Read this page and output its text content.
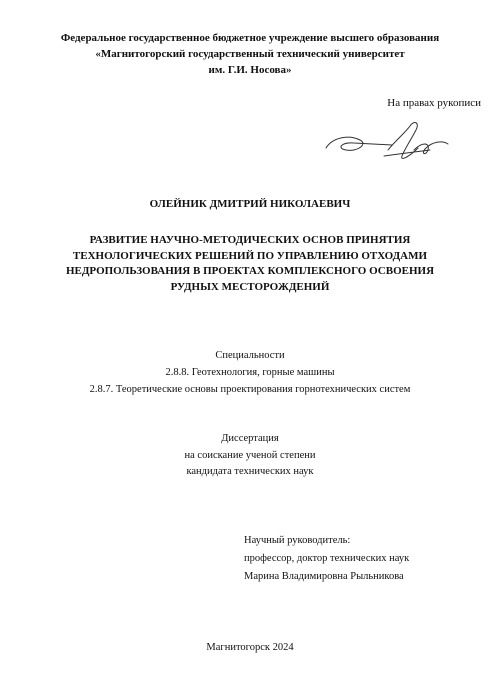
Федеральное государственное бюджетное учреждение высшего образования
«Магнитогорский государственный технический университет
им. Г.И. Носова»
На правах рукописи
ОЛЕЙНИК ДМИТРИЙ НИКОЛАЕВИЧ
РАЗВИТИЕ НАУЧНО-МЕТОДИЧЕСКИХ ОСНОВ ПРИНЯТИЯ
ТЕХНОЛОГИЧЕСКИХ РЕШЕНИЙ ПО УПРАВЛЕНИЮ ОТХОДАМИ
НЕДРОПОЛЬЗОВАНИЯ В ПРОЕКТАХ КОМПЛЕКСНОГО ОСВОЕНИЯ
РУДНЫХ МЕСТОРОЖДЕНИЙ
Специальности
2.8.8. Геотехнология, горные машины
2.8.7. Теоретические основы проектирования горнотехнических систем
Диссертация
на соискание ученой степени
кандидата технических наук
Научный руководитель:
профессор, доктор технических наук
Марина Владимировна Рыльникова
Магнитогорск 2024
